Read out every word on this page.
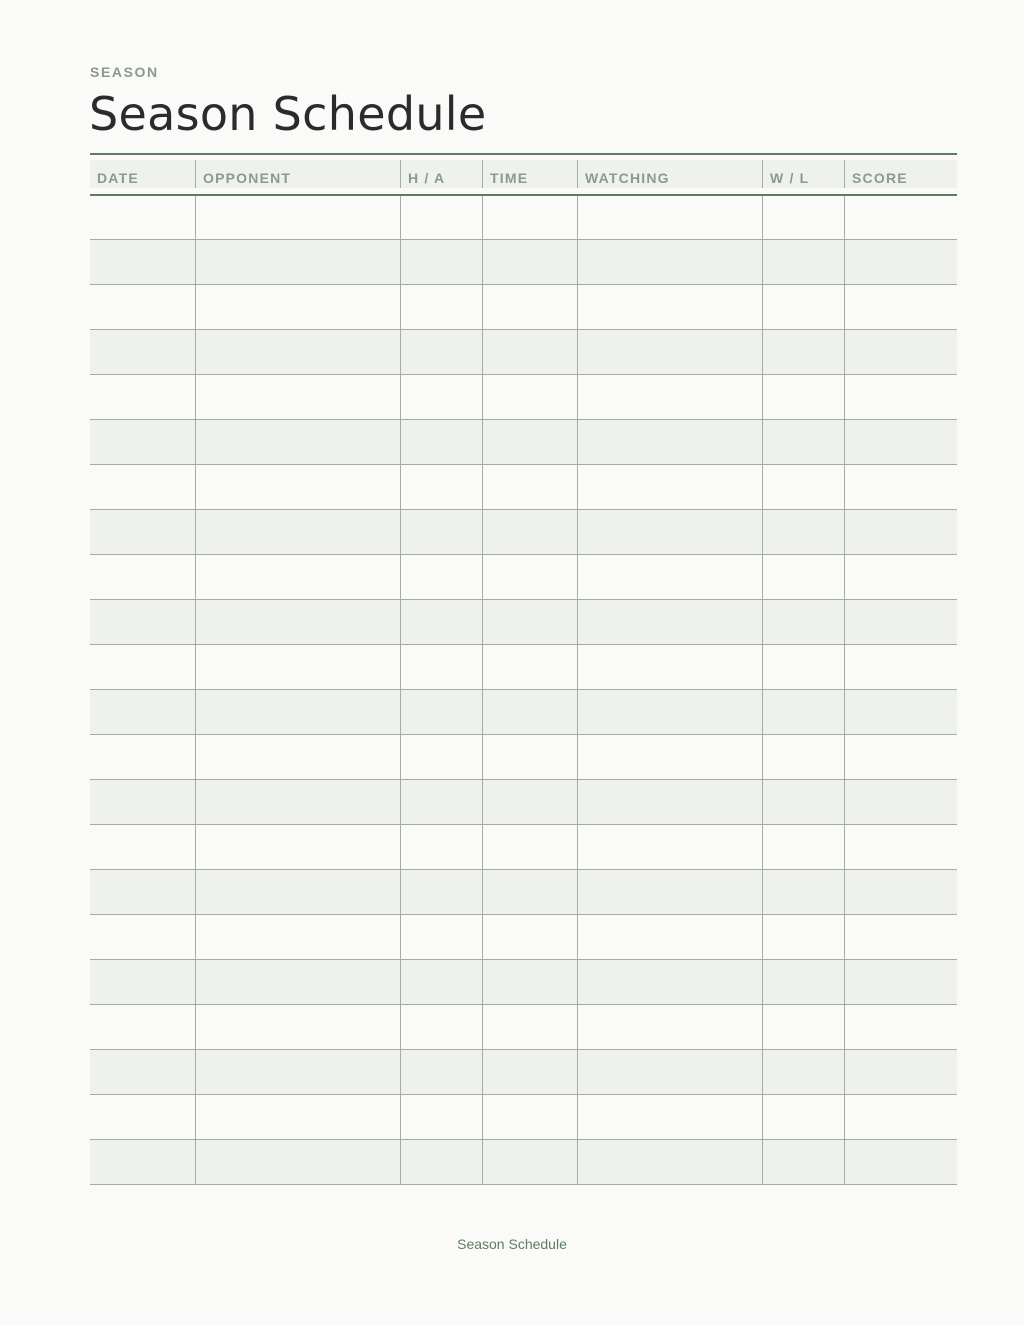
SEASON
Season Schedule
DATE	OPPONENT	H / A	TIME	WATCHING	W / L	SCORE
Season Schedule
